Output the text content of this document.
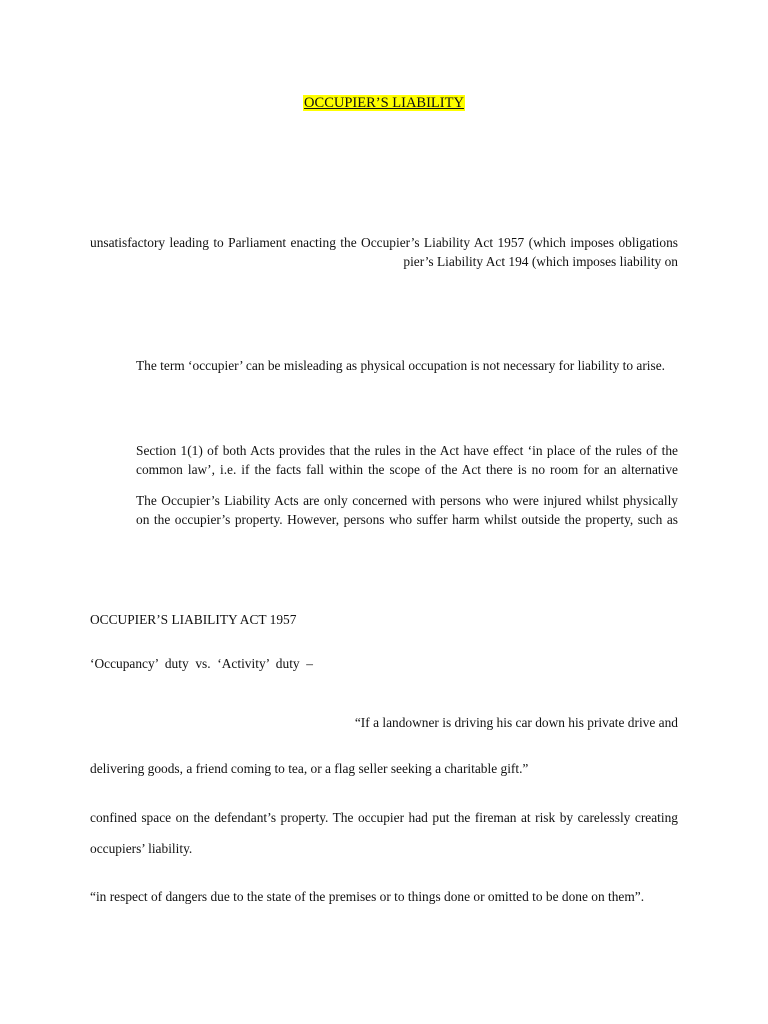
OCCUPIER’S LIABILITY
unsatisfactory leading to Parliament enacting the Occupier’s Liability Act 1957 (which imposes obligations
pier’s Liability Act 194 (which imposes liability on
The term ‘occupier’ can be misleading as physical occupation is not necessary for liability to arise.
Section 1(1) of both Acts provides that the rules in the Act have effect ‘in place of the rules of the
common law’, i.e. if the facts fall within the scope of the Act there is no room for an alternative
The Occupier’s Liability Acts are only concerned with persons who were injured whilst physically
on the occupier’s property. However, persons who suffer harm whilst outside the property, such as
OCCUPIER’S LIABILITY ACT 1957
‘Occupancy’  duty  vs.  ‘Activity’  duty  –
“If a landowner is driving his car down his private drive and
delivering goods, a friend coming to tea, or a flag seller seeking a charitable gift.”
confined space on the defendant’s property. The occupier had put the fireman at risk by carelessly creating
occupiers’ liability.
“in respect of dangers due to the state of the premises or to things done or omitted to be done on them”.
